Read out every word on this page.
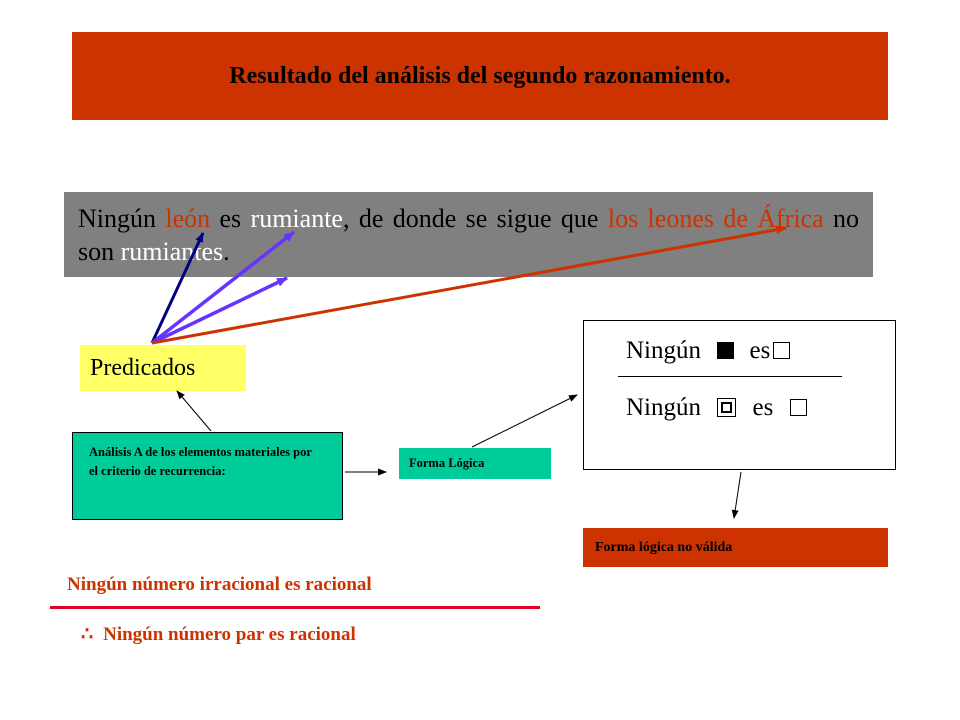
Resultado del análisis del segundo razonamiento.

Ningún león es rumiante, de donde se sigue que los leones de África no son rumiantes.

Predicados
Análisis A de los elementos materiales por el criterio de recurrencia:
Forma Lógica
Ningún es
Ningún es
Forma lógica no válida
Ningún número irracional es racional
∴ Ningún número par es racional
